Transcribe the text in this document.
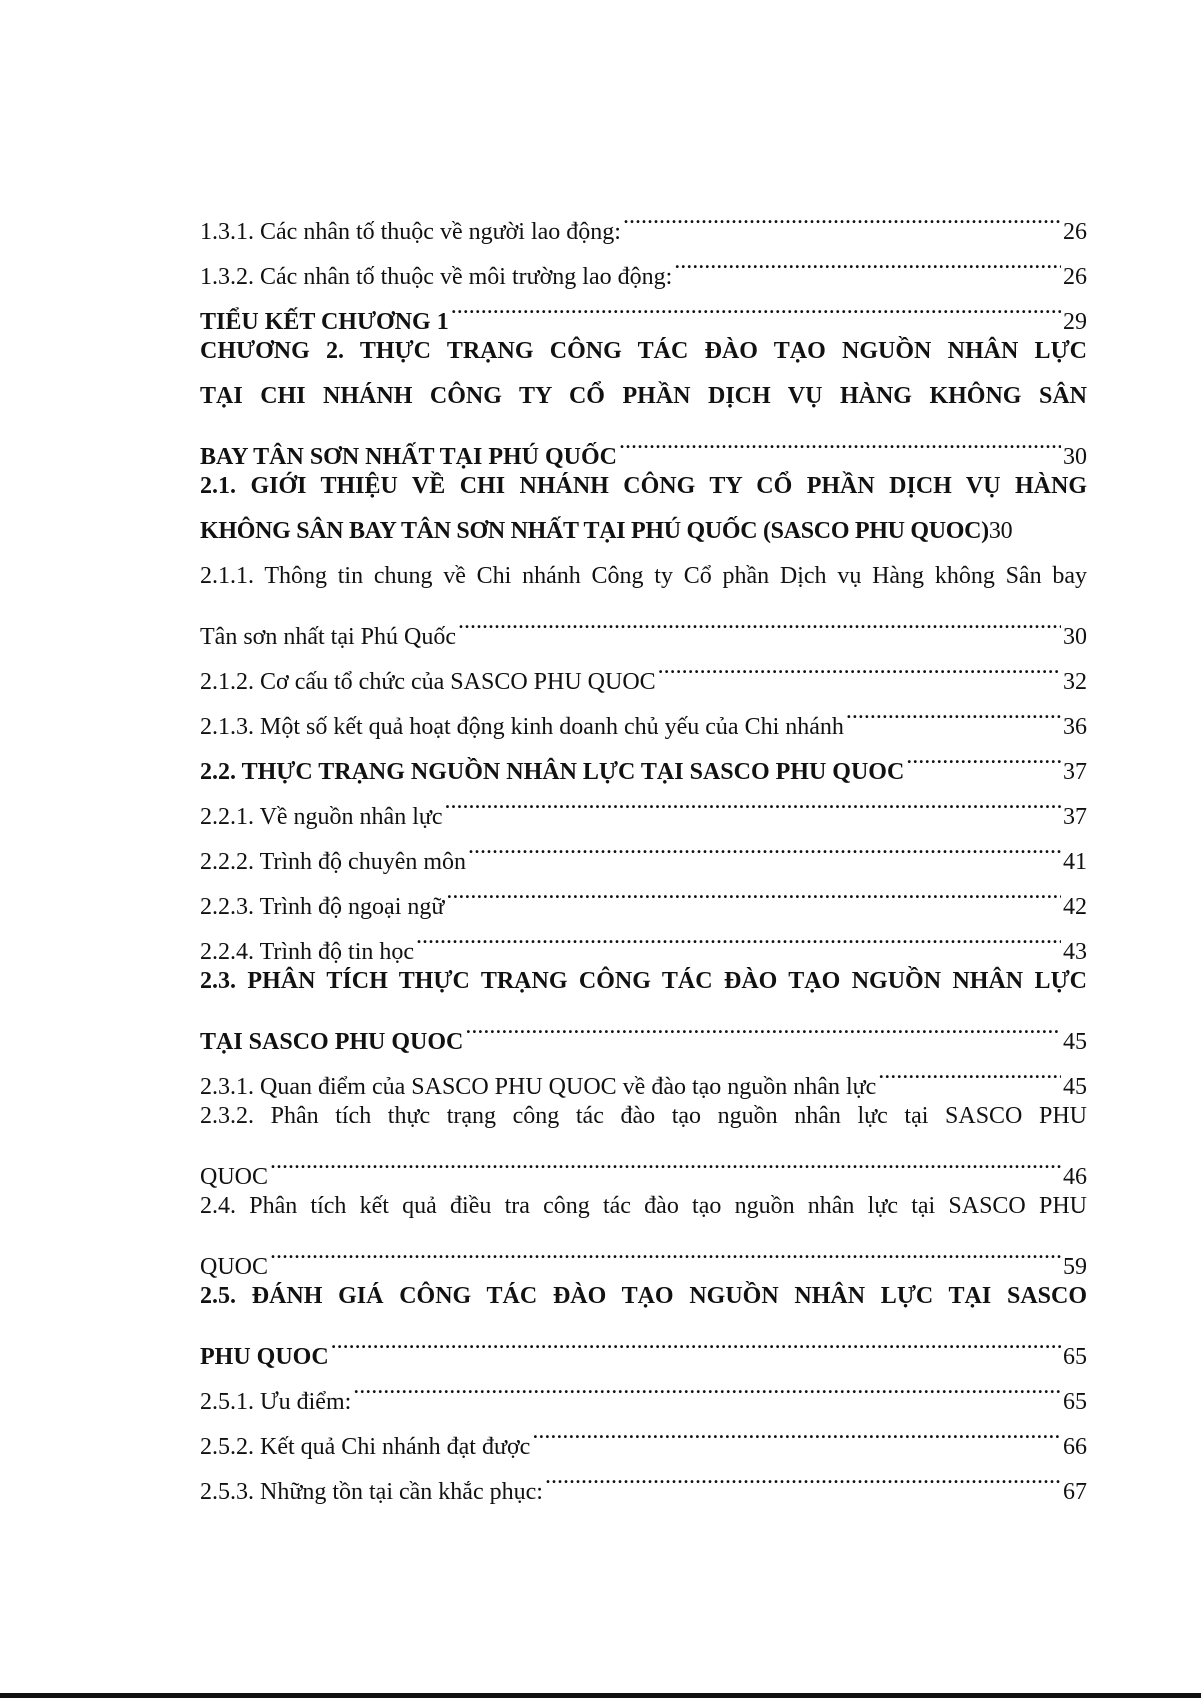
1.3.1. Các nhân tố thuộc về người lao động: .....	26
1.3.2. Các nhân tố thuộc về môi trường lao động: .....	26
TIỂU KẾT CHƯƠNG 1 .....	29
CHƯƠNG 2. THỰC TRẠNG CÔNG TÁC ĐÀO TẠO NGUỒN NHÂN LỰC
TẠI CHI NHÁNH CÔNG TY CỔ PHẦN DỊCH VỤ HÀNG KHÔNG SÂN
BAY TÂN SƠN NHẤT TẠI PHÚ QUỐC .....	30
2.1. GIỚI THIỆU VỀ CHI NHÁNH CÔNG TY CỔ PHẦN DỊCH VỤ HÀNG
KHÔNG SÂN BAY TÂN SƠN NHẤT TẠI PHÚ QUỐC (SASCO PHU QUOC) 30
2.1.1. Thông tin chung về Chi nhánh Công ty Cổ phần Dịch vụ Hàng không Sân bay
Tân sơn nhất tại Phú Quốc .....	30
2.1.2. Cơ cấu tổ chức của SASCO PHU QUOC .....	32
2.1.3. Một số kết quả hoạt động kinh doanh chủ yếu của Chi nhánh .....	36
2.2. THỰC TRẠNG NGUỒN NHÂN LỰC TẠI SASCO PHU QUOC .....	37
2.2.1. Về nguồn nhân lực .....	37
2.2.2. Trình độ chuyên môn .....	41
2.2.3. Trình độ ngoại ngữ .....	42
2.2.4. Trình độ tin học .....	43
2.3. PHÂN TÍCH THỰC TRẠNG CÔNG TÁC ĐÀO TẠO NGUỒN NHÂN LỰC
TẠI SASCO PHU QUOC .....	45
2.3.1. Quan điểm của SASCO PHU QUOC về đào tạo nguồn nhân lực .....	45
2.3.2. Phân tích thực trạng công tác đào tạo nguồn nhân lực tại SASCO PHU
QUOC .....	46
2.4. Phân tích kết quả điều tra công tác đào tạo nguồn nhân lực tại SASCO PHU
QUOC .....	59
2.5. ĐÁNH GIÁ CÔNG TÁC ĐÀO TẠO NGUỒN NHÂN LỰC TẠI SASCO
PHU QUOC .....	65
2.5.1. Ưu điểm: .....	65
2.5.2. Kết quả Chi nhánh đạt được .....	66
2.5.3. Những tồn tại cần khắc phục: .....	67
